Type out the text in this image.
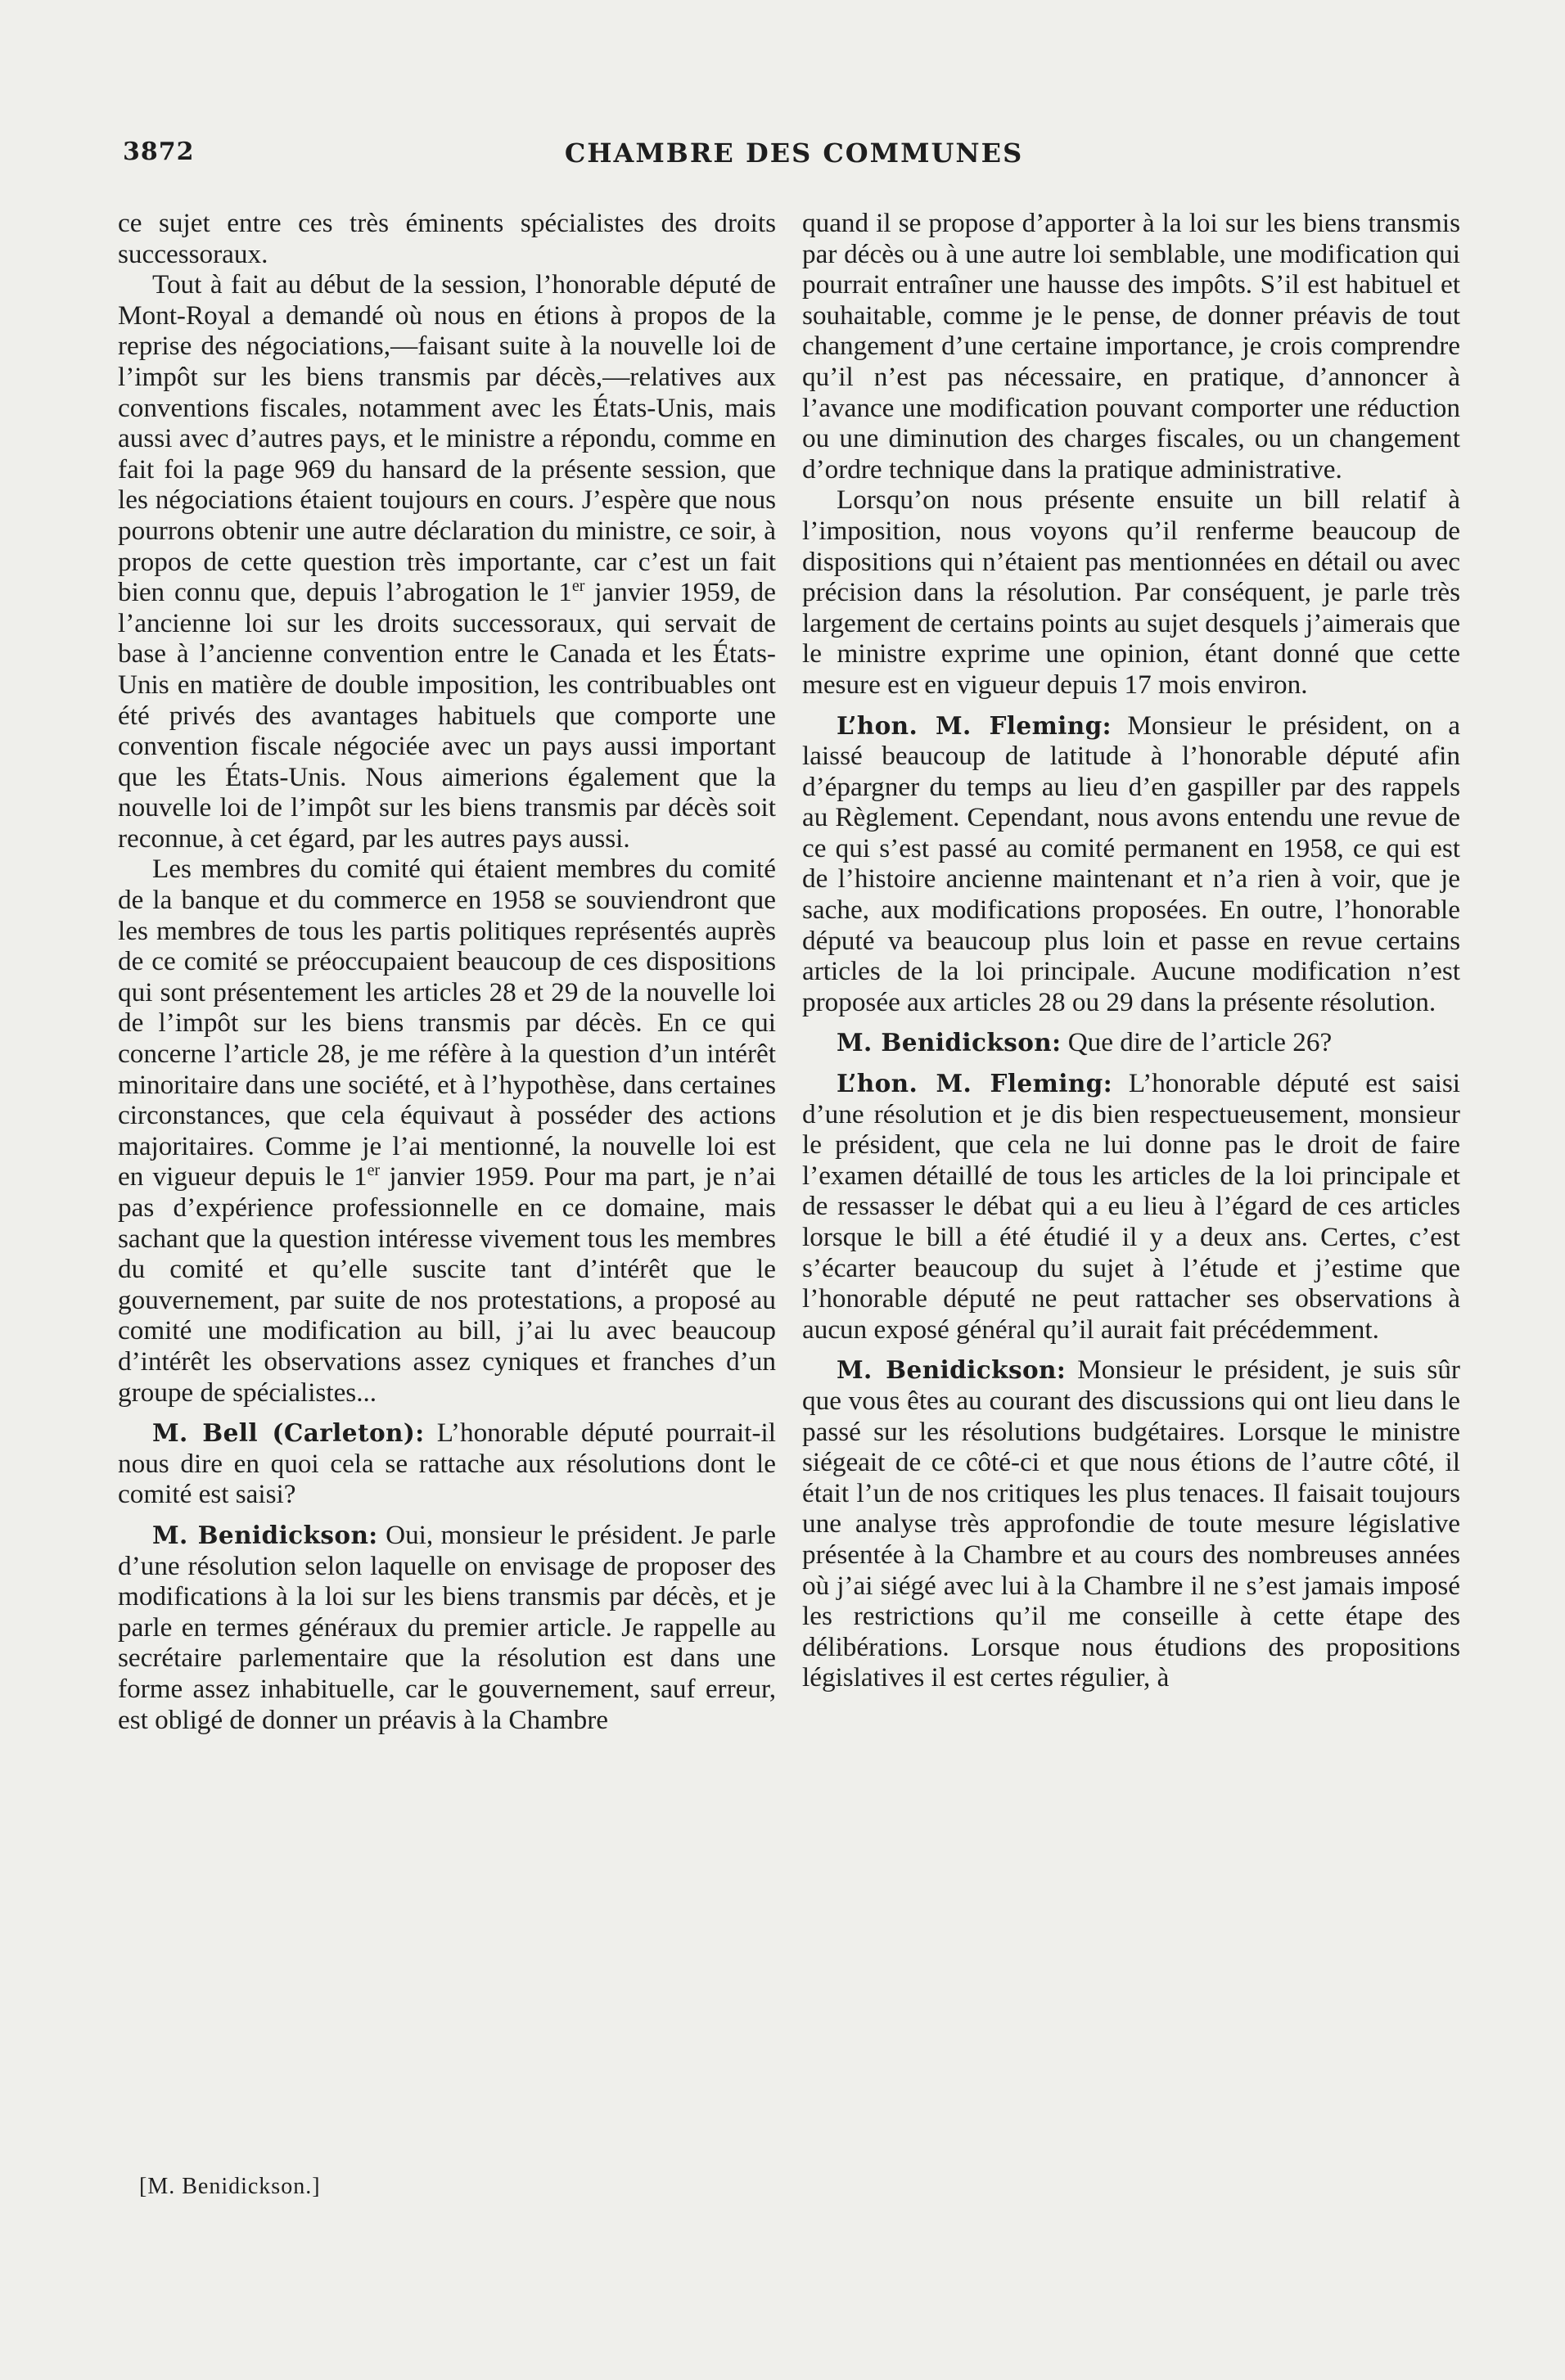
3872	CHAMBRE DES COMMUNES

ce sujet entre ces très éminents spécialistes des droits successoraux.

Tout à fait au début de la session, l’honorable député de Mont-Royal a demandé où nous en étions à propos de la reprise des négociations,—faisant suite à la nouvelle loi de l’impôt sur les biens transmis par décès,—relatives aux conventions fiscales, notamment avec les États-Unis, mais aussi avec d’autres pays, et le ministre a répondu, comme en fait foi la page 969 du hansard de la présente session, que les négociations étaient toujours en cours. J’espère que nous pourrons obtenir une autre déclaration du ministre, ce soir, à propos de cette question très importante, car c’est un fait bien connu que, depuis l’abrogation le 1er janvier 1959, de l’ancienne loi sur les droits successoraux, qui servait de base à l’ancienne convention entre le Canada et les États-Unis en matière de double imposition, les contribuables ont été privés des avantages habituels que comporte une convention fiscale négociée avec un pays aussi important que les États-Unis. Nous aimerions également que la nouvelle loi de l’impôt sur les biens transmis par décès soit reconnue, à cet égard, par les autres pays aussi.

Les membres du comité qui étaient membres du comité de la banque et du commerce en 1958 se souviendront que les membres de tous les partis politiques représentés auprès de ce comité se préoccupaient beaucoup de ces dispositions qui sont présentement les articles 28 et 29 de la nouvelle loi de l’impôt sur les biens transmis par décès. En ce qui concerne l’article 28, je me réfère à la question d’un intérêt minoritaire dans une société, et à l’hypothèse, dans certaines circonstances, que cela équivaut à posséder des actions majoritaires. Comme je l’ai mentionné, la nouvelle loi est en vigueur depuis le 1er janvier 1959. Pour ma part, je n’ai pas d’expérience professionnelle en ce domaine, mais sachant que la question intéresse vivement tous les membres du comité et qu’elle suscite tant d’intérêt que le gouvernement, par suite de nos protestations, a proposé au comité une modification au bill, j’ai lu avec beaucoup d’intérêt les observations assez cyniques et franches d’un groupe de spécialistes...

M. Bell (Carleton): L’honorable député pourrait-il nous dire en quoi cela se rattache aux résolutions dont le comité est saisi?

M. Benidickson: Oui, monsieur le président. Je parle d’une résolution selon laquelle on envisage de proposer des modifications à la loi sur les biens transmis par décès, et je parle en termes généraux du premier article. Je rappelle au secrétaire parlementaire que la résolution est dans une forme assez inhabituelle, car le gouvernement, sauf erreur, est obligé de donner un préavis à la Chambre

quand il se propose d’apporter à la loi sur les biens transmis par décès ou à une autre loi semblable, une modification qui pourrait entraîner une hausse des impôts. S’il est habituel et souhaitable, comme je le pense, de donner préavis de tout changement d’une certaine importance, je crois comprendre qu’il n’est pas nécessaire, en pratique, d’annoncer à l’avance une modification pouvant comporter une réduction ou une diminution des charges fiscales, ou un changement d’ordre technique dans la pratique administrative.

Lorsqu’on nous présente ensuite un bill relatif à l’imposition, nous voyons qu’il renferme beaucoup de dispositions qui n’étaient pas mentionnées en détail ou avec précision dans la résolution. Par conséquent, je parle très largement de certains points au sujet desquels j’aimerais que le ministre exprime une opinion, étant donné que cette mesure est en vigueur depuis 17 mois environ.

L’hon. M. Fleming: Monsieur le président, on a laissé beaucoup de latitude à l’honorable député afin d’épargner du temps au lieu d’en gaspiller par des rappels au Règlement. Cependant, nous avons entendu une revue de ce qui s’est passé au comité permanent en 1958, ce qui est de l’histoire ancienne maintenant et n’a rien à voir, que je sache, aux modifications proposées. En outre, l’honorable député va beaucoup plus loin et passe en revue certains articles de la loi principale. Aucune modification n’est proposée aux articles 28 ou 29 dans la présente résolution.

M. Benidickson: Que dire de l’article 26?

L’hon. M. Fleming: L’honorable député est saisi d’une résolution et je dis bien respectueusement, monsieur le président, que cela ne lui donne pas le droit de faire l’examen détaillé de tous les articles de la loi principale et de ressasser le débat qui a eu lieu à l’égard de ces articles lorsque le bill a été étudié il y a deux ans. Certes, c’est s’écarter beaucoup du sujet à l’étude et j’estime que l’honorable député ne peut rattacher ses observations à aucun exposé général qu’il aurait fait précédemment.

M. Benidickson: Monsieur le président, je suis sûr que vous êtes au courant des discussions qui ont lieu dans le passé sur les résolutions budgétaires. Lorsque le ministre siégeait de ce côté-ci et que nous étions de l’autre côté, il était l’un de nos critiques les plus tenaces. Il faisait toujours une analyse très approfondie de toute mesure législative présentée à la Chambre et au cours des nombreuses années où j’ai siégé avec lui à la Chambre il ne s’est jamais imposé les restrictions qu’il me conseille à cette étape des délibérations. Lorsque nous étudions des propositions législatives il est certes régulier, à

[M. Benidickson.]
